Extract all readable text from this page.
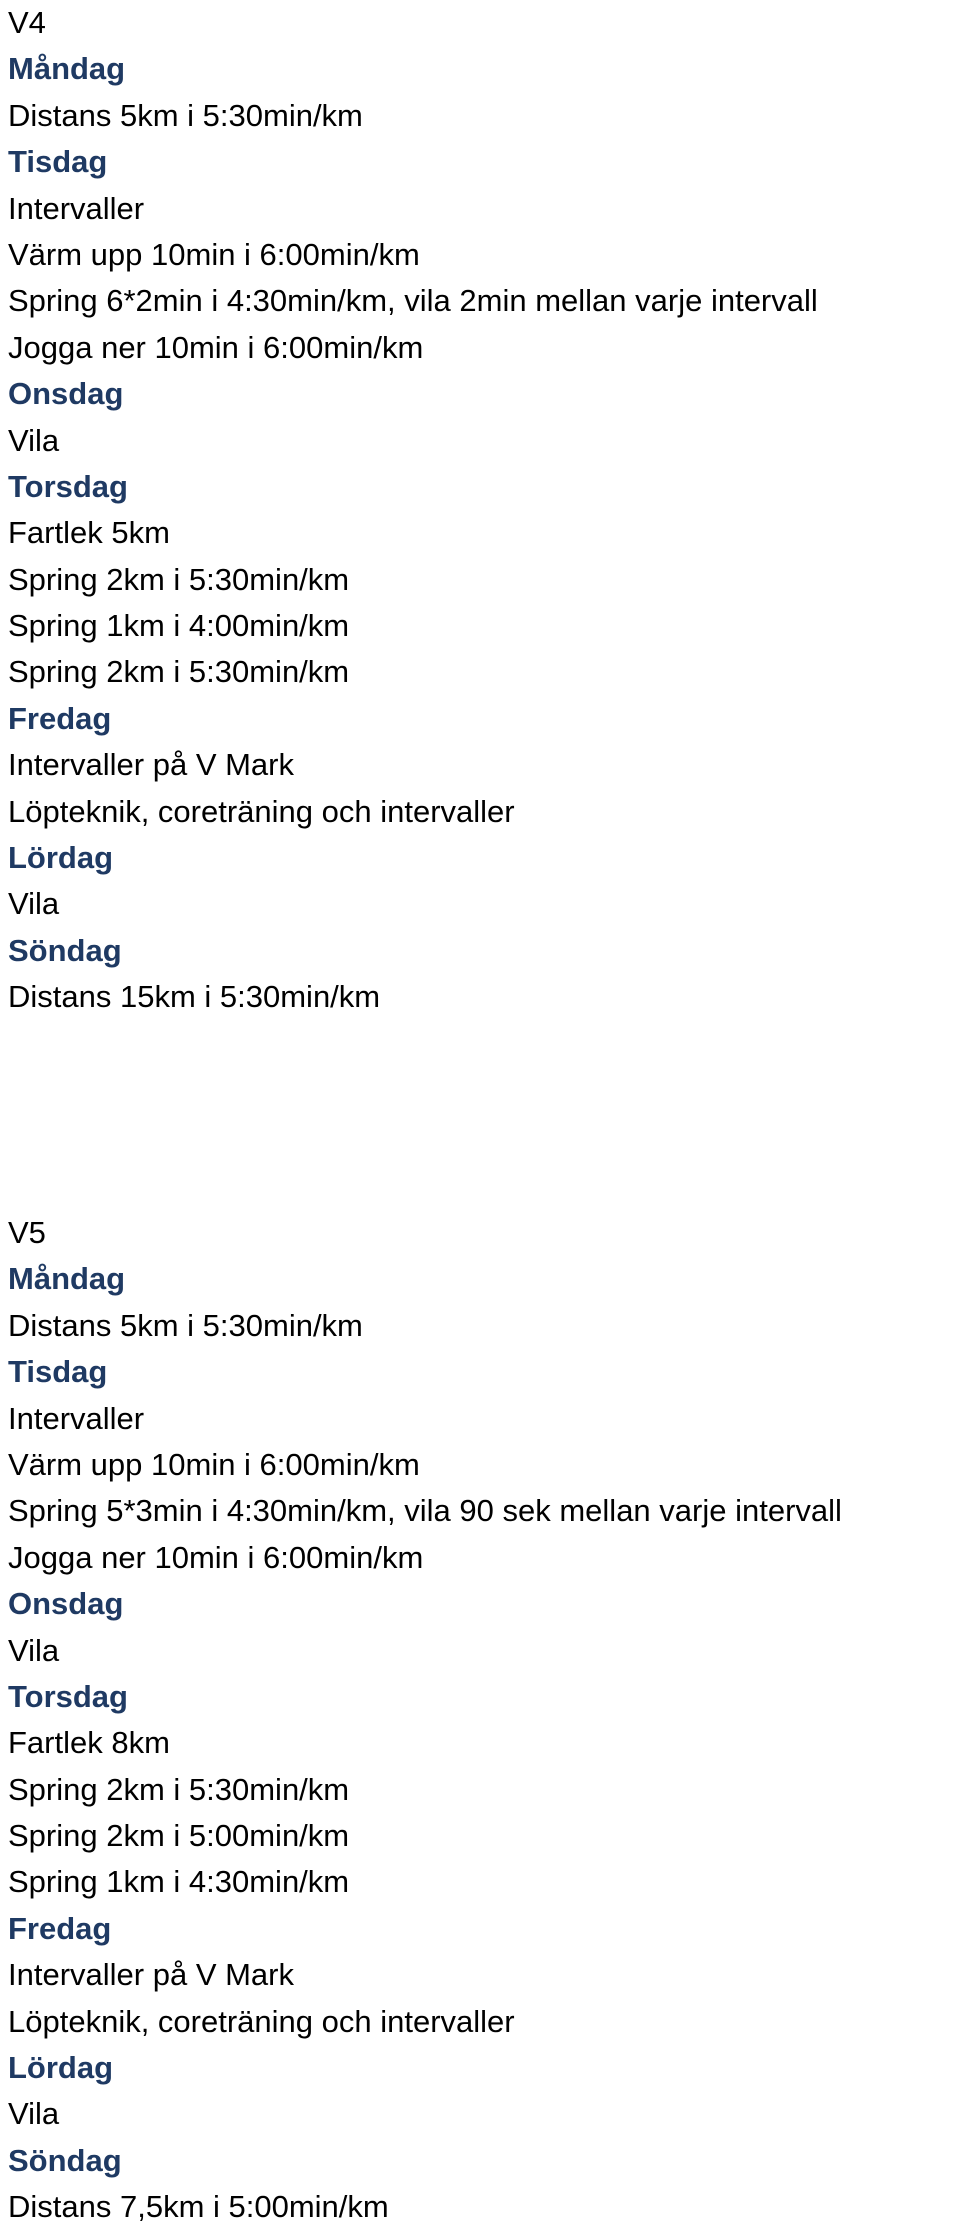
V4
Måndag
Distans 5km i 5:30min/km
Tisdag
Intervaller
Värm upp 10min i 6:00min/km
Spring 6*2min i 4:30min/km, vila 2min mellan varje intervall
Jogga ner 10min i 6:00min/km
Onsdag
Vila
Torsdag
Fartlek 5km
Spring 2km i 5:30min/km
Spring 1km i 4:00min/km
Spring 2km i 5:30min/km
Fredag
Intervaller på V Mark
Löpteknik, coreträning och intervaller
Lördag
Vila
Söndag
Distans 15km i 5:30min/km
V5
Måndag
Distans 5km i 5:30min/km
Tisdag
Intervaller
Värm upp 10min i 6:00min/km
Spring 5*3min i 4:30min/km, vila 90 sek mellan varje intervall
Jogga ner 10min i 6:00min/km
Onsdag
Vila
Torsdag
Fartlek 8km
Spring 2km i 5:30min/km
Spring 2km i 5:00min/km
Spring 1km i 4:30min/km
Fredag
Intervaller på V Mark
Löpteknik, coreträning och intervaller
Lördag
Vila
Söndag
Distans 7,5km i 5:00min/km
